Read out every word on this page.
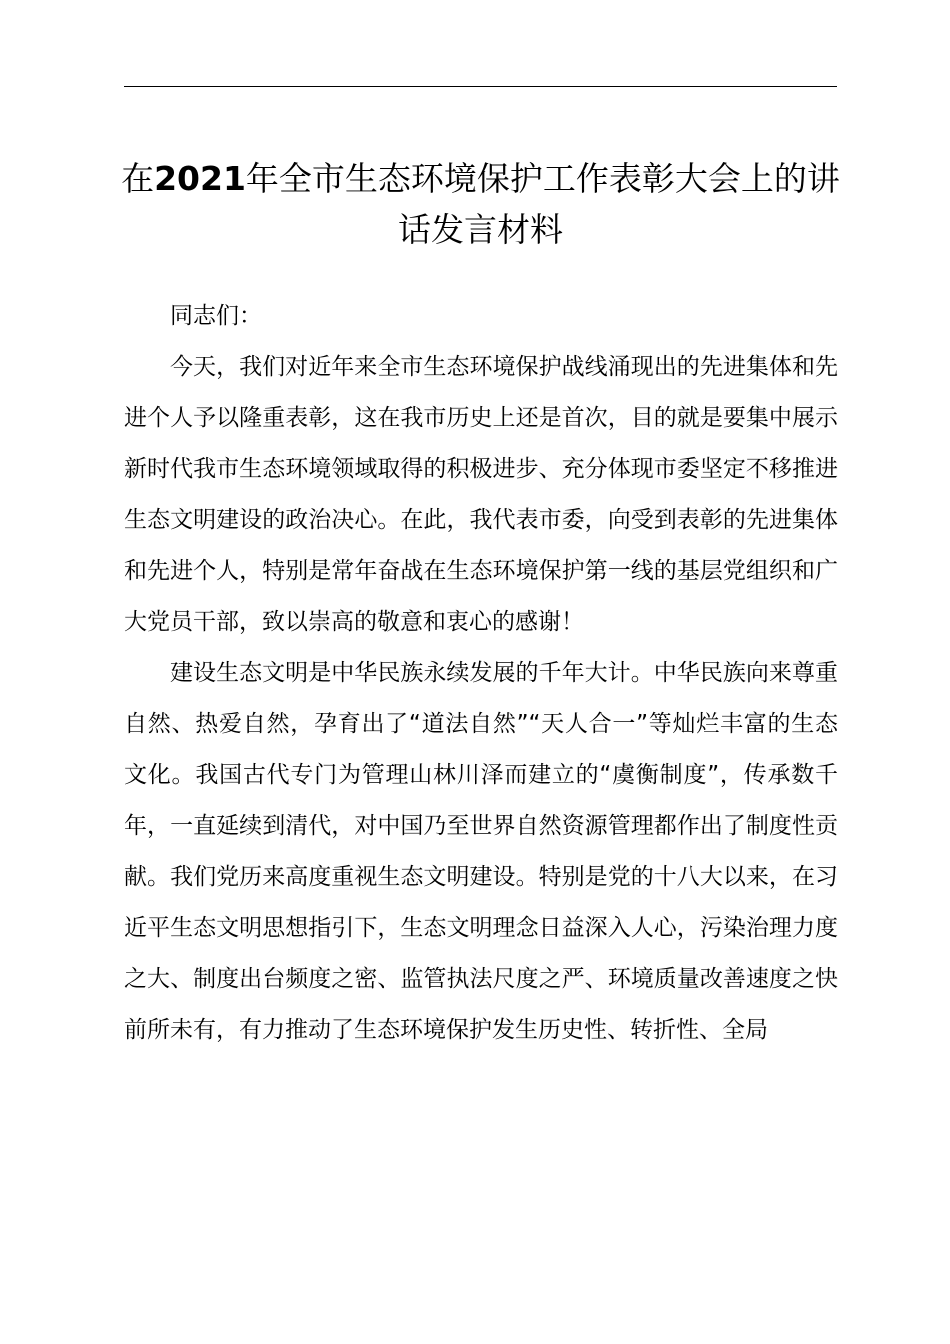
在2021年全市生态环境保护工作表彰大会上的讲话发言材料

同志们：

今天，我们对近年来全市生态环境保护战线涌现出的先进集体和先进个人予以隆重表彰，这在我市历史上还是首次，目的就是要集中展示新时代我市生态环境领域取得的积极进步、充分体现市委坚定不移推进生态文明建设的政治决心。在此，我代表市委，向受到表彰的先进集体和先进个人，特别是常年奋战在生态环境保护第一线的基层党组织和广大党员干部，致以崇高的敬意和衷心的感谢！

建设生态文明是中华民族永续发展的千年大计。中华民族向来尊重自然、热爱自然，孕育出了“道法自然”“天人合一”等灿烂丰富的生态文化。我国古代专门为管理山林川泽而建立的“虞衡制度”，传承数千年，一直延续到清代，对中国乃至世界自然资源管理都作出了制度性贡献。我们党历来高度重视生态文明建设。特别是党的十八大以来，在习近平生态文明思想指引下，生态文明理念日益深入人心，污染治理力度之大、制度出台频度之密、监管执法尺度之严、环境质量改善速度之快前所未有，有力推动了生态环境保护发生历史性、转折性、全局
